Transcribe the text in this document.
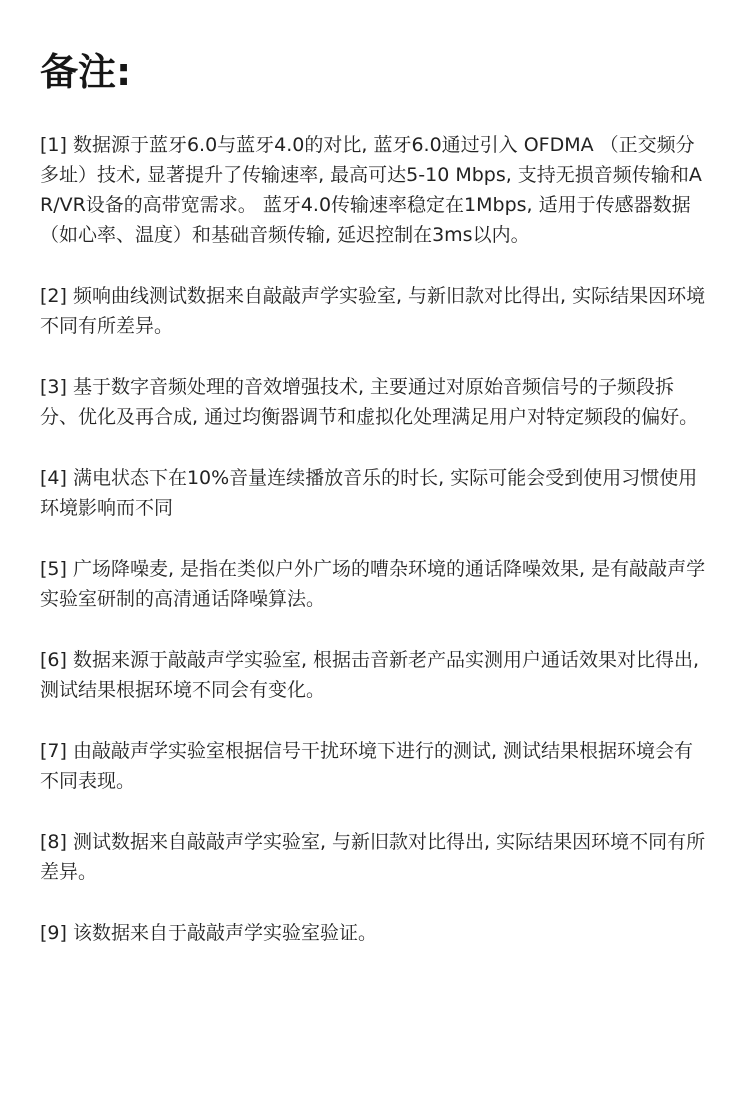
备注:

[1] 数据源于蓝牙6.0与蓝牙4.0的对比, 蓝牙6.0通过引入 OFDMA （正交频分多址）技术, 显著提升了传输速率, 最高可达5-10 Mbps, 支持无损音频传输和AR/VR设备的高带宽需求。 蓝牙4.0传输速率稳定在1Mbps, 适用于传感器数据（如心率、温度）和基础音频传输, 延迟控制在3ms以内。

[2] 频响曲线测试数据来自敲敲声学实验室, 与新旧款对比得出, 实际结果因环境不同有所差异。

[3] 基于数字音频处理的音效增强技术, 主要通过对原始音频信号的子频段拆分、优化及再合成, 通过均衡器调节和虚拟化处理满足用户对特定频段的偏好。

[4] 满电状态下在10%音量连续播放音乐的时长, 实际可能会受到使用习惯使用环境影响而不同

[5] 广场降噪麦, 是指在类似户外广场的嘈杂环境的通话降噪效果, 是有敲敲声学实验室研制的高清通话降噪算法。

[6] 数据来源于敲敲声学实验室, 根据击音新老产品实测用户通话效果对比得出, 测试结果根据环境不同会有变化。

[7] 由敲敲声学实验室根据信号干扰环境下进行的测试, 测试结果根据环境会有不同表现。

[8] 测试数据来自敲敲声学实验室, 与新旧款对比得出, 实际结果因环境不同有所差异。

[9] 该数据来自于敲敲声学实验室验证。
